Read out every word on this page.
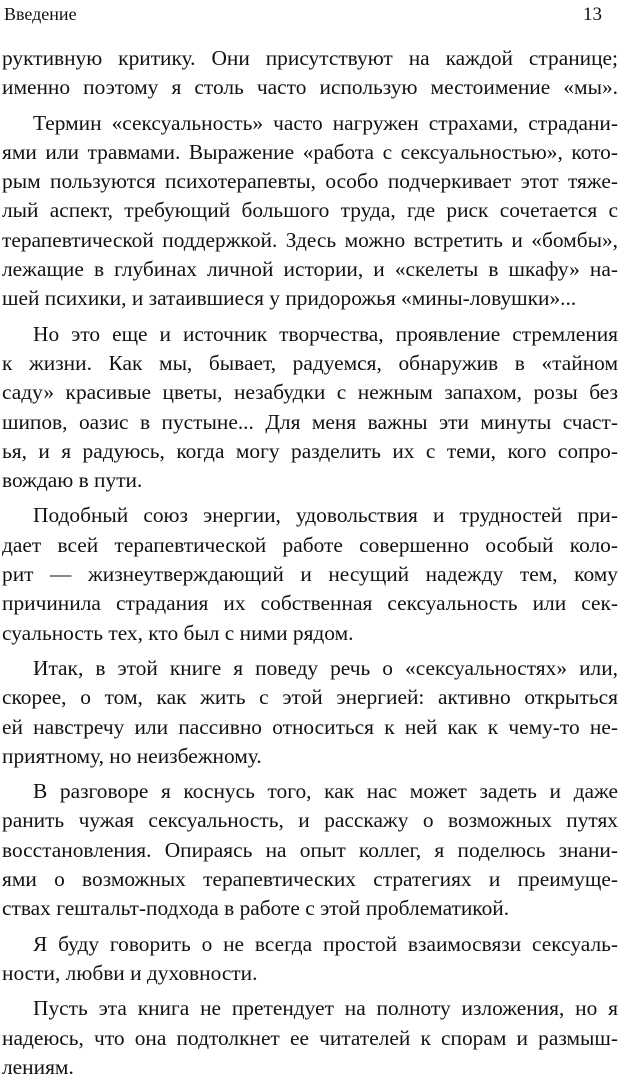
Введение	13
руктивную критику. Они присутствуют на каждой странице;
именно поэтому я столь часто использую местоимение «мы».
Термин «сексуальность» часто нагружен страхами, страдани-
ями или травмами. Выражение «работа с сексуальностью», кото-
рым пользуются психотерапевты, особо подчеркивает этот тяже-
лый аспект, требующий большого труда, где риск сочетается с
терапевтической поддержкой. Здесь можно встретить и «бомбы»,
лежащие в глубинах личной истории, и «скелеты в шкафу» на-
шей психики, и затаившиеся у придорожья «мины-ловушки»...
Но это еще и источник творчества, проявление стремления
к жизни. Как мы, бывает, радуемся, обнаружив в «тайном
саду» красивые цветы, незабудки с нежным запахом, розы без
шипов, оазис в пустыне... Для меня важны эти минуты счаст-
ья, и я радуюсь, когда могу разделить их с теми, кого сопро-
вождаю в пути.
Подобный союз энергии, удовольствия и трудностей при-
дает всей терапевтической работе совершенно особый коло-
рит — жизнеутверждающий и несущий надежду тем, кому
причинила страдания их собственная сексуальность или сек-
суальность тех, кто был с ними рядом.
Итак, в этой книге я поведу речь о «сексуальностях» или,
скорее, о том, как жить с этой энергией: активно открыться
ей навстречу или пассивно относиться к ней как к чему-то не-
приятному, но неизбежному.
В разговоре я коснусь того, как нас может задеть и даже
ранить чужая сексуальность, и расскажу о возможных путях
восстановления. Опираясь на опыт коллег, я поделюсь знани-
ями о возможных терапевтических стратегиях и преимуще-
ствах гештальт-подхода в работе с этой проблематикой.
Я буду говорить о не всегда простой взаимосвязи сексуаль-
ности, любви и духовности.
Пусть эта книга не претендует на полноту изложения, но я
надеюсь, что она подтолкнет ее читателей к спорам и размыш-
лениям.
